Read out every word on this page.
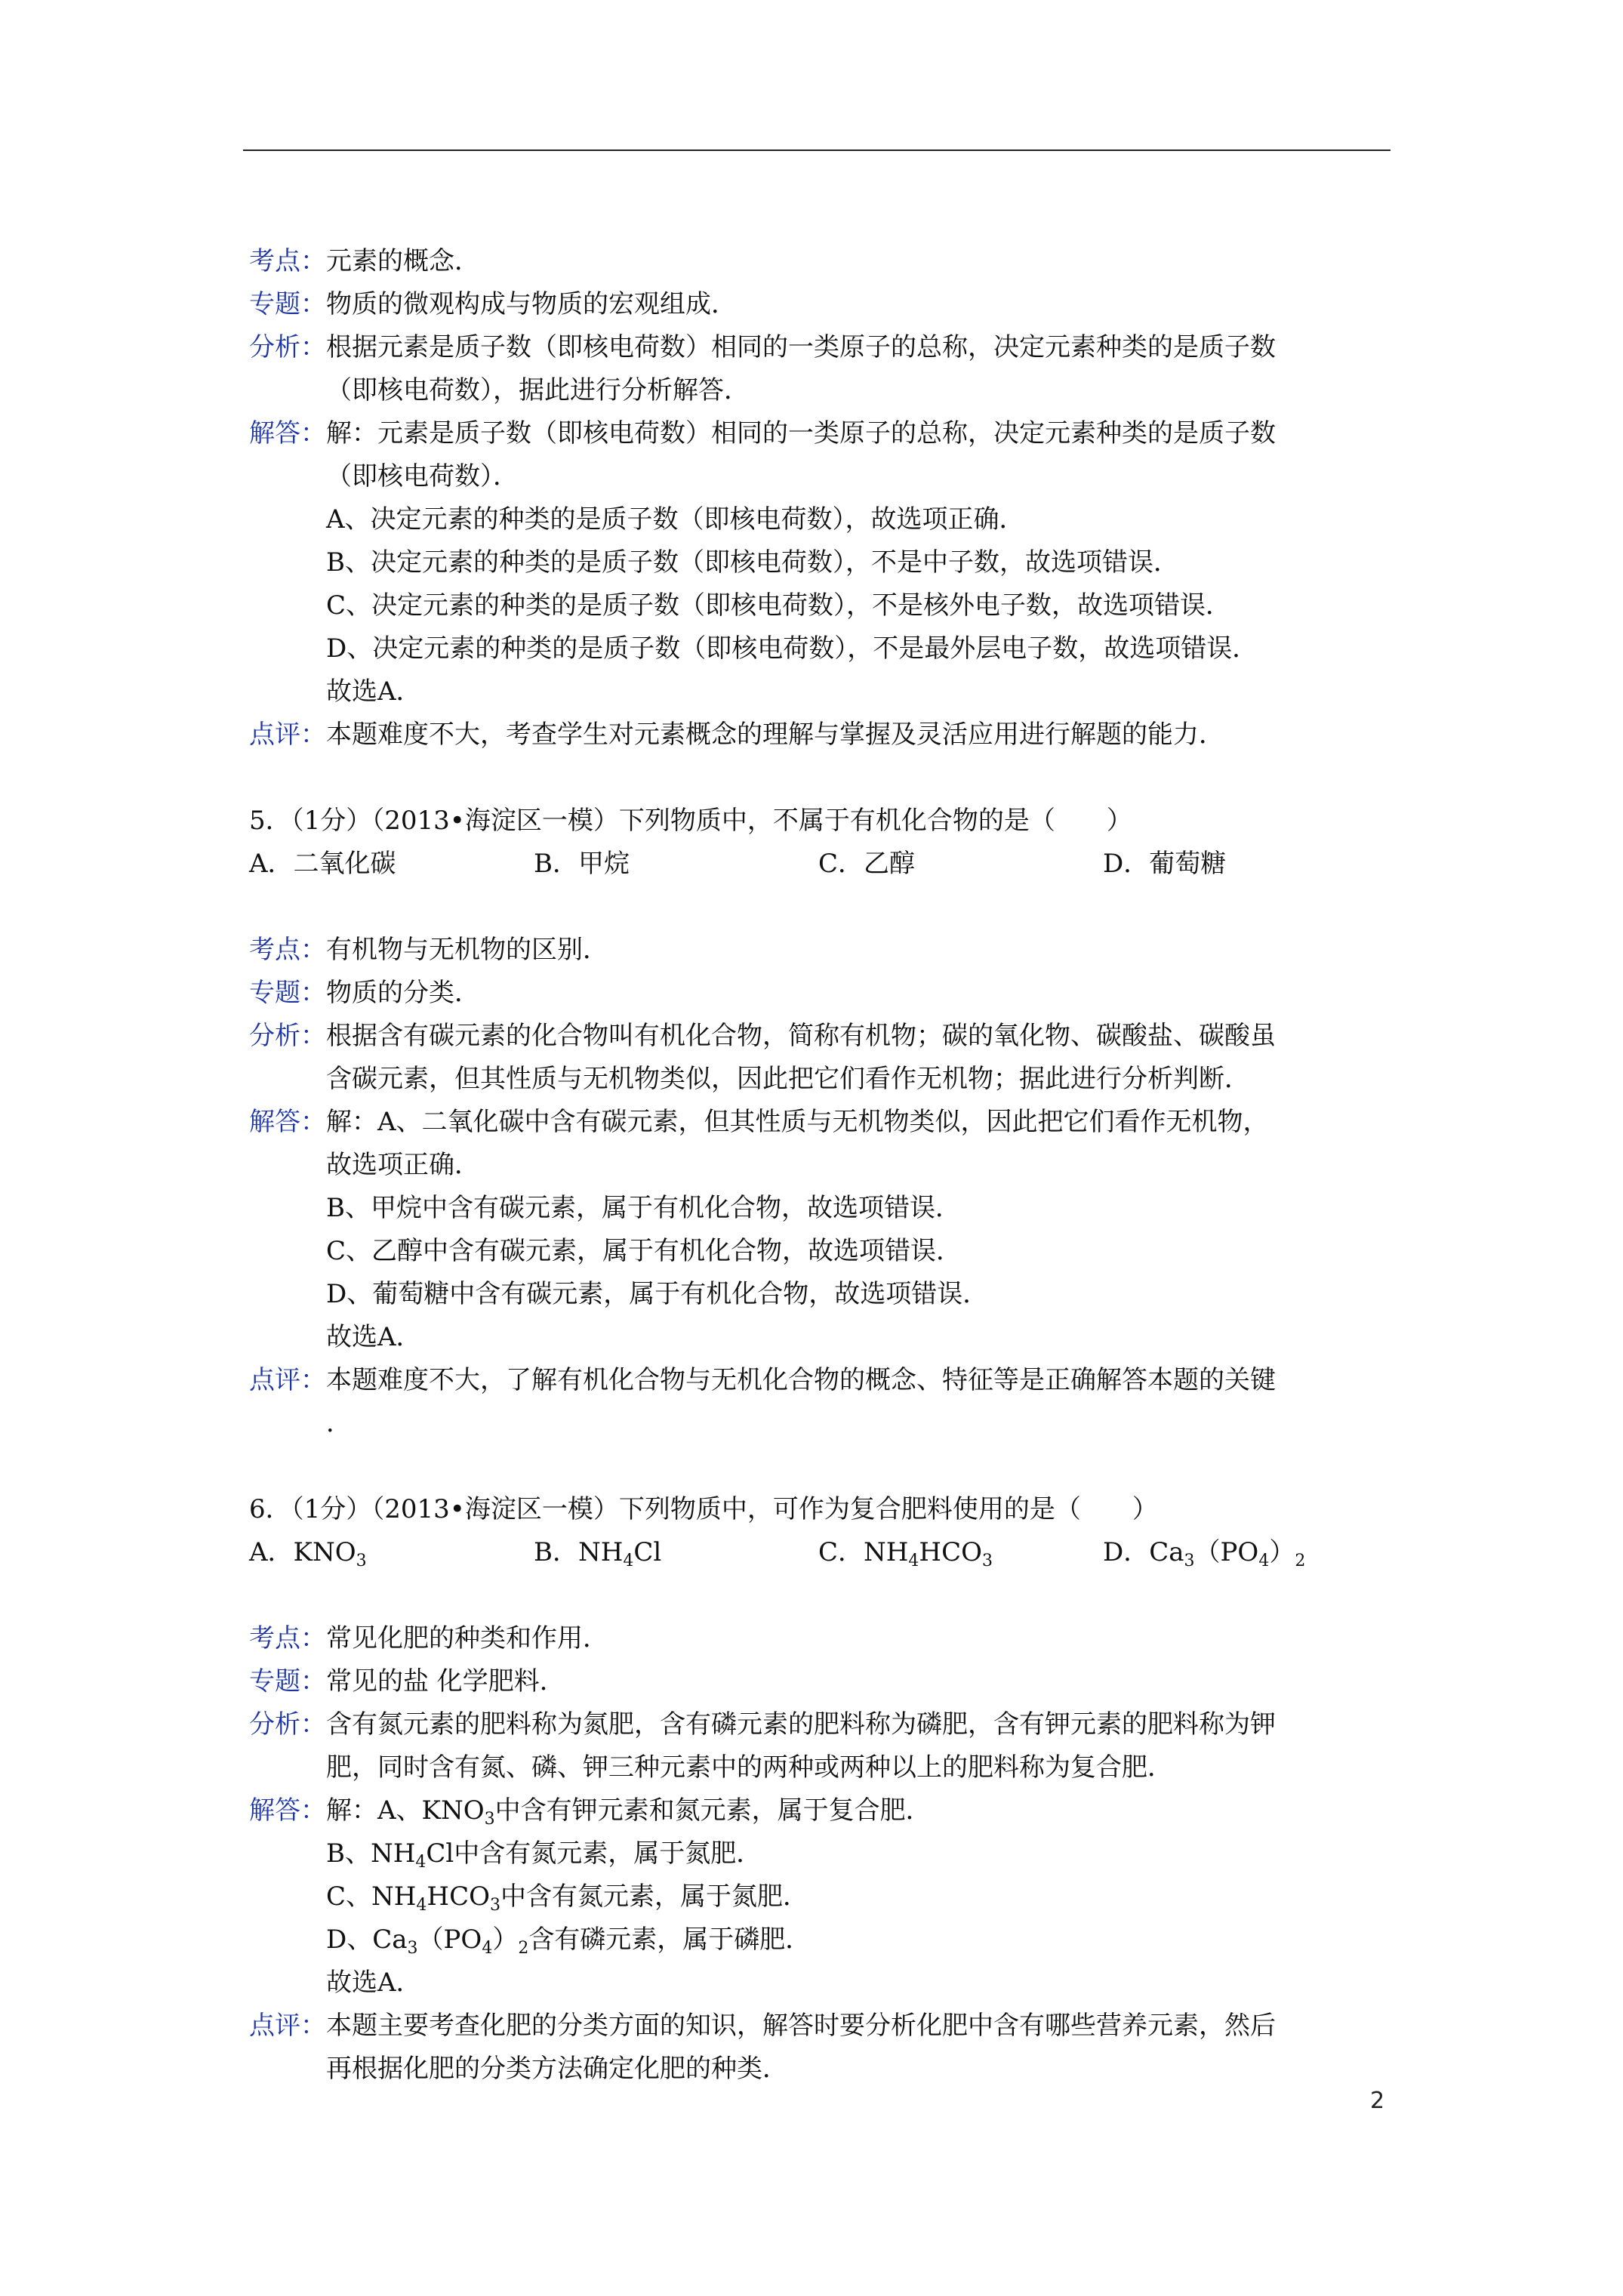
考点：元素的概念．
专题：物质的微观构成与物质的宏观组成．
分析：根据元素是质子数（即核电荷数）相同的一类原子的总称，决定元素种类的是质子数
（即核电荷数），据此进行分析解答．
解答：解：元素是质子数（即核电荷数）相同的一类原子的总称，决定元素种类的是质子数
（即核电荷数）．
A、决定元素的种类的是质子数（即核电荷数），故选项正确．
B、决定元素的种类的是质子数（即核电荷数），不是中子数，故选项错误．
C、决定元素的种类的是质子数（即核电荷数），不是核外电子数，故选项错误．
D、决定元素的种类的是质子数（即核电荷数），不是最外层电子数，故选项错误．
故选A．
点评：本题难度不大，考查学生对元素概念的理解与掌握及灵活应用进行解题的能力．
5．（1分）（2013•海淀区一模）下列物质中，不属于有机化合物的是（　　）
A．二氧化碳	B．甲烷	C．乙醇	D．葡萄糖
考点：有机物与无机物的区别．
专题：物质的分类．
分析：根据含有碳元素的化合物叫有机化合物，简称有机物；碳的氧化物、碳酸盐、碳酸虽
含碳元素，但其性质与无机物类似，因此把它们看作无机物；据此进行分析判断．
解答：解：A、二氧化碳中含有碳元素，但其性质与无机物类似，因此把它们看作无机物，
故选项正确．
B、甲烷中含有碳元素，属于有机化合物，故选项错误．
C、乙醇中含有碳元素，属于有机化合物，故选项错误．
D、葡萄糖中含有碳元素，属于有机化合物，故选项错误．
故选A．
点评：本题难度不大，了解有机化合物与无机化合物的概念、特征等是正确解答本题的关键
．
6．（1分）（2013•海淀区一模）下列物质中，可作为复合肥料使用的是（　　）
A．$KNO_3$	B．$NH_4Cl$	C．$NH_4HCO_3$	D．$Ca_3(PO_4)_2$
考点：常见化肥的种类和作用．
专题：常见的盐 化学肥料．
分析：含有氮元素的肥料称为氮肥，含有磷元素的肥料称为磷肥，含有钾元素的肥料称为钾
肥，同时含有氮、磷、钾三种元素中的两种或两种以上的肥料称为复合肥．
解答：解：A、$KNO_3$中含有钾元素和氮元素，属于复合肥．
B、$NH_4Cl$中含有氮元素，属于氮肥．
C、$NH_4HCO_3$中含有氮元素，属于氮肥．
D、$Ca_3(PO_4)_2$含有磷元素，属于磷肥．
故选A．
点评：本题主要考查化肥的分类方面的知识，解答时要分析化肥中含有哪些营养元素，然后
再根据化肥的分类方法确定化肥的种类．
2
